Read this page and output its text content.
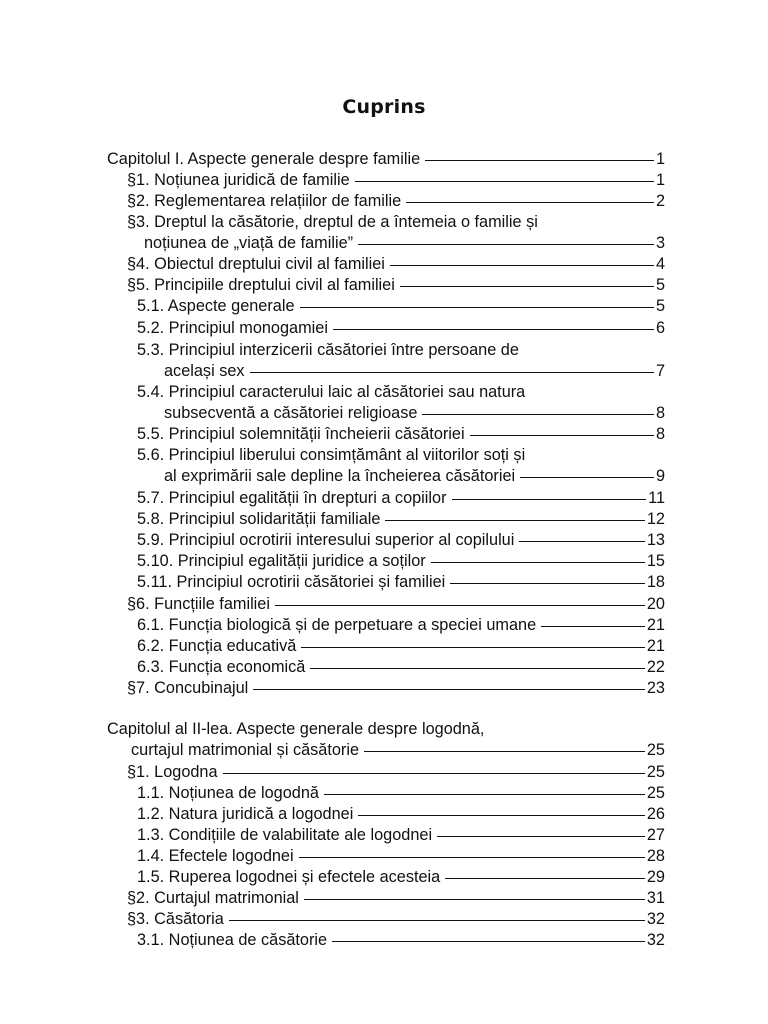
Cuprins
Capitolul I. Aspecte generale despre familie	1
§1. Noțiunea juridică de familie	1
§2. Reglementarea relațiilor de familie	2
§3. Dreptul la căsătorie, dreptul de a întemeia o familie și
noțiunea de „viață de familie”	3
§4. Obiectul dreptului civil al familiei	4
§5. Principiile dreptului civil al familiei	5
5.1. Aspecte generale	5
5.2. Principiul monogamiei	6
5.3. Principiul interzicerii căsătoriei între persoane de
același sex	7
5.4. Principiul caracterului laic al căsătoriei sau natura
subsecventă a căsătoriei religioase	8
5.5. Principiul solemnității încheierii căsătoriei	8
5.6. Principiul liberului consimțământ al viitorilor soți și
al exprimării sale depline la încheierea căsătoriei	9
5.7. Principiul egalității în drepturi a copiilor	11
5.8. Principiul solidarității familiale	12
5.9. Principiul ocrotirii interesului superior al copilului	13
5.10. Principiul egalității juridice a soților	15
5.11. Principiul ocrotirii căsătoriei și familiei	18
§6. Funcțiile familiei	20
6.1. Funcția biologică și de perpetuare a speciei umane	21
6.2. Funcția educativă	21
6.3. Funcția economică	22
§7. Concubinajul	23
Capitolul al II-lea. Aspecte generale despre logodnă,
curtajul matrimonial și căsătorie	25
§1. Logodna	25
1.1. Noțiunea de logodnă	25
1.2. Natura juridică a logodnei	26
1.3. Condițiile de valabilitate ale logodnei	27
1.4. Efectele logodnei	28
1.5. Ruperea logodnei și efectele acesteia	29
§2. Curtajul matrimonial	31
§3. Căsătoria	32
3.1. Noțiunea de căsătorie	32
